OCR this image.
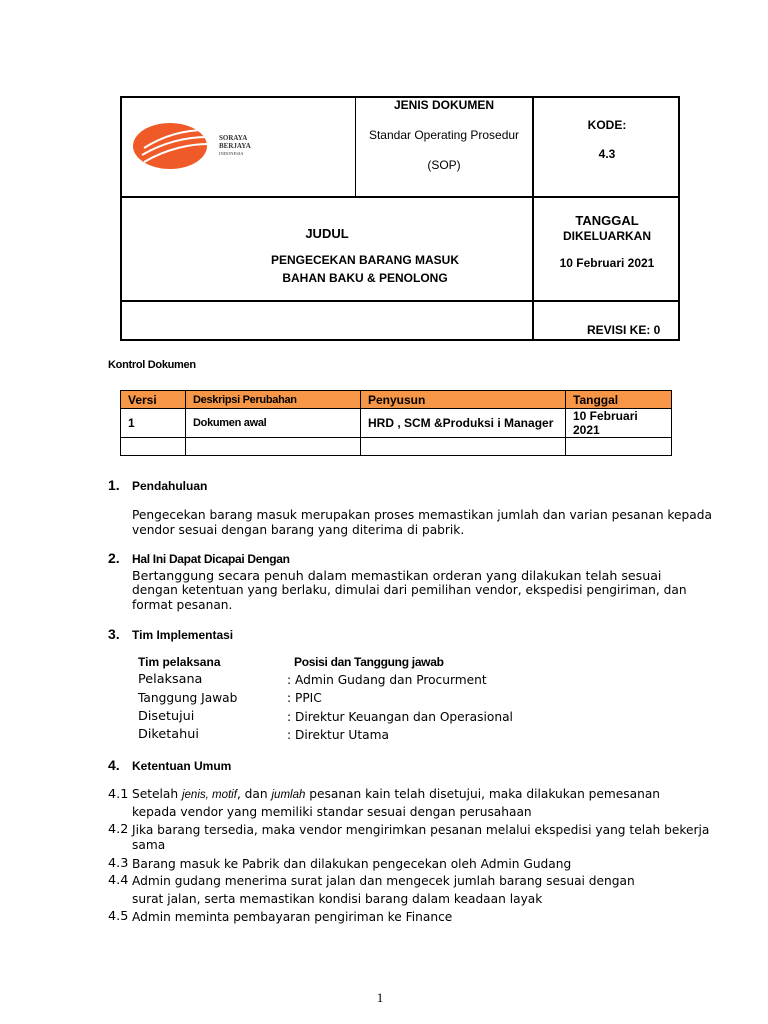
SORAYA
BERJAYA
INDONESIA
JENIS DOKUMEN
Standar Operating Prosedur
(SOP)
KODE:
4.3
JUDUL
PENGECEKAN BARANG MASUK
BAHAN BAKU & PENOLONG
TANGGAL
DIKELUARKAN
10 Februari 2021
REVISI KE: 0
Kontrol Dokumen
Versi	Deskripsi Perubahan	Penyusun	Tanggal
1	Dokumen awal	HRD , SCM &Produksi i Manager	10 Februari 2021

1. Pendahuluan
Pengecekan barang masuk merupakan proses memastikan jumlah dan varian pesanan kepada
vendor sesuai dengan barang yang diterima di pabrik.
2. Hal Ini Dapat Dicapai Dengan
Bertanggung secara penuh dalam memastikan orderan yang dilakukan telah sesuai
dengan ketentuan yang berlaku, dimulai dari pemilihan vendor, ekspedisi pengiriman, dan
format pesanan.
3. Tim Implementasi
Tim pelaksana	Posisi dan Tanggung jawab
Pelaksana	: Admin Gudang dan Procurment
Tanggung Jawab	: PPIC
Disetujui	: Direktur Keuangan dan Operasional
Diketahui	: Direktur Utama
4. Ketentuan Umum
4.1 Setelah jenis, motif, dan jumlah pesanan kain telah disetujui, maka dilakukan pemesanan
kepada vendor yang memiliki standar sesuai dengan perusahaan
4.2 Jika barang tersedia, maka vendor mengirimkan pesanan melalui ekspedisi yang telah bekerja
sama
4.3 Barang masuk ke Pabrik dan dilakukan pengecekan oleh Admin Gudang
4.4 Admin gudang menerima surat jalan dan mengecek jumlah barang sesuai dengan
surat jalan, serta memastikan kondisi barang dalam keadaan layak
4.5 Admin meminta pembayaran pengiriman ke Finance
1
